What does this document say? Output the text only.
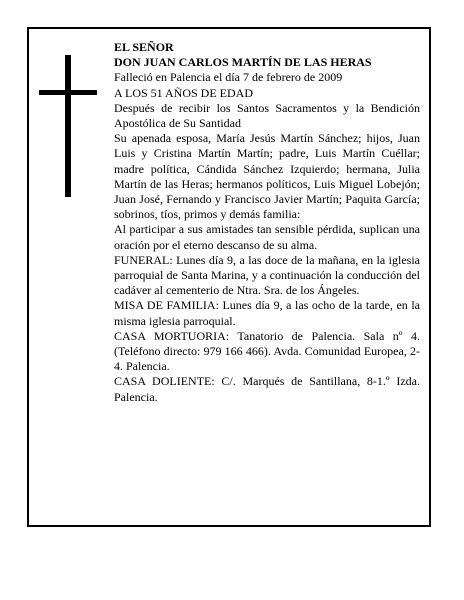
EL SEÑOR

DON JUAN CARLOS MARTÍN DE LAS HERAS

Falleció en Palencia el día 7 de febrero de 2009

A LOS 51 AÑOS DE EDAD

Después de recibir los Santos Sacramentos y la Bendición Apostólica de Su Santidad

Su apenada esposa, María Jesús Martín Sánchez; hijos, Juan Luis y Cristina Martín Martín; padre, Luis Martín Cuéllar; madre política, Cándida Sánchez Izquierdo; hermana, Julia Martín de las Heras; hermanos políticos, Luis Miguel Lobejón; Juan José, Fernando y Francisco Javier Martín; Paquita García; sobrinos, tíos, primos y demás familia:

Al participar a sus amistades tan sensible pérdida, suplican una oración por el eterno descanso de su alma.

FUNERAL: Lunes día 9, a las doce de la mañana, en la iglesia parroquial de Santa Marina, y a continuación la conducción del cadáver al cementerio de Ntra. Sra. de los Ángeles.

MISA DE FAMILIA: Lunes día 9, a las ocho de la tarde, en la misma iglesia parroquial.

CASA MORTUORIA: Tanatorio de Palencia. Sala nº 4. (Teléfono directo: 979 166 466). Avda. Comunidad Europea, 2-4. Palencia.

CASA DOLIENTE: C/. Marqués de Santillana, 8-1.º Izda. Palencia.
